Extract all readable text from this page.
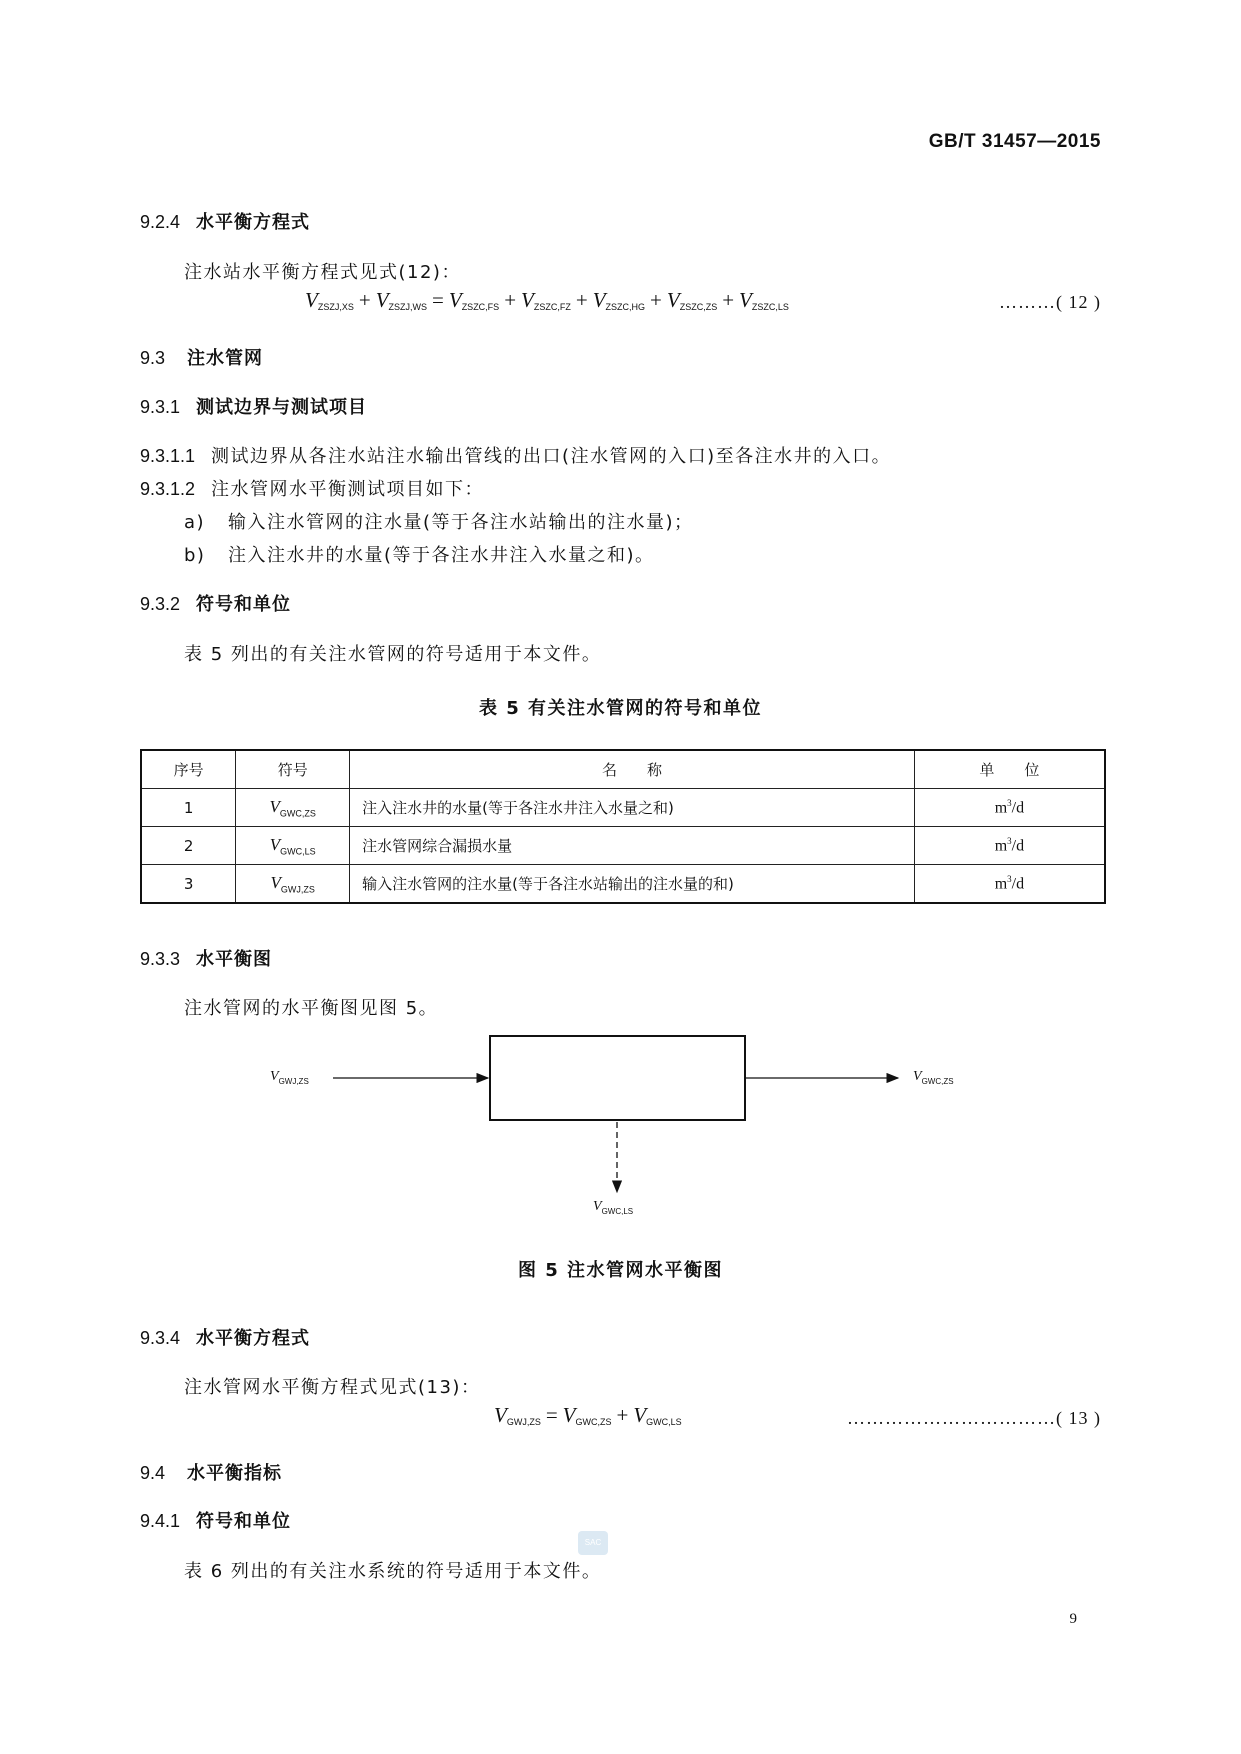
GB/T 31457—2015
9.2.4 水平衡方程式
注水站水平衡方程式见式(12)：
$V_{ZSZJ,XS} + V_{ZSZJ,WS} = V_{ZSZC,FS} + V_{ZSZC,FZ} + V_{ZSZC,HG} + V_{ZSZC,ZS} + V_{ZSZC,LS}$	………( 12 )
9.3 注水管网
9.3.1 测试边界与测试项目
9.3.1.1 测试边界从各注水站注水输出管线的出口(注水管网的入口)至各注水井的入口。
9.3.1.2 注水管网水平衡测试项目如下：
a) 输入注水管网的注水量(等于各注水站输出的注水量)；
b) 注入注水井的水量(等于各注水井注入水量之和)。
9.3.2 符号和单位
表 5 列出的有关注水管网的符号适用于本文件。
表 5 有关注水管网的符号和单位
序号	符号	名　　称	单　　位
1	$V_{GWC,ZS}$	注入注水井的水量(等于各注水井注入水量之和)	$m^3/d$
2	$V_{GWC,LS}$	注水管网综合漏损水量	$m^3/d$
3	$V_{GWJ,ZS}$	输入注水管网的注水量(等于各注水站输出的注水量的和)	$m^3/d$
9.3.3 水平衡图
注水管网的水平衡图见图 5。
$V_{GWJ,ZS}$	$V_{GWC,ZS}$
$V_{GWC,LS}$
图 5 注水管网水平衡图
9.3.4 水平衡方程式
注水管网水平衡方程式见式(13)：
$V_{GWJ,ZS} = V_{GWC,ZS} + V_{GWC,LS}$	……………………………( 13 )
9.4 水平衡指标
9.4.1 符号和单位
SAC
表 6 列出的有关注水系统的符号适用于本文件。
9
